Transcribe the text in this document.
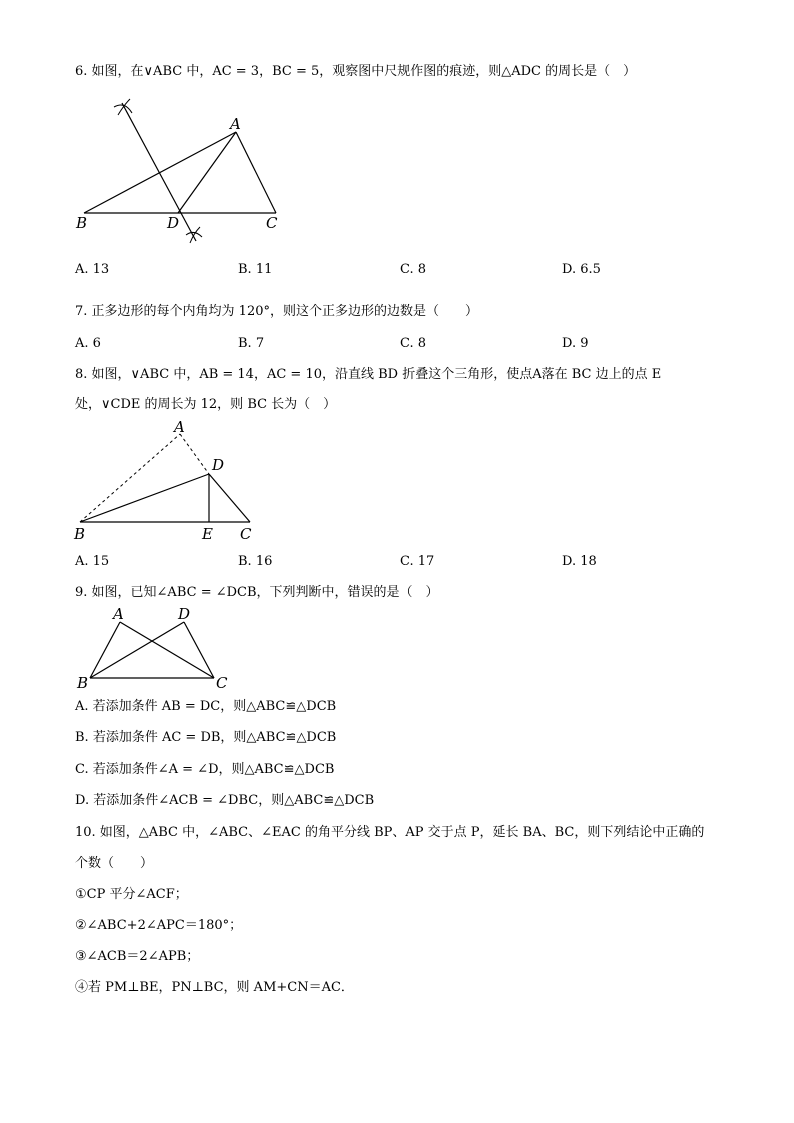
6. 如图，在∨ABC 中，AC = 3，BC = 5，观察图中尺规作图的痕迹，则△ADC 的周长是（　）
A
B	D	C
A. 13	B. 11	C. 8	D. 6.5
7. 正多边形的每个内角均为 120°，则这个正多边形的边数是（　　）
A. 6	B. 7	C. 8	D. 9
8. 如图，∨ABC 中，AB = 14，AC = 10，沿直线 BD 折叠这个三角形，使点A落在 BC 边上的点 E
处，∨CDE 的周长为 12，则 BC 长为（　）
A
D
B	E C
A. 15	B. 16	C. 17	D. 18
9. 如图，已知∠ABC = ∠DCB，下列判断中，错误的是（　）
A	D
B	C
A. 若添加条件 AB = DC，则△ABC≌△DCB
B. 若添加条件 AC = DB，则△ABC≌△DCB
C. 若添加条件∠A = ∠D，则△ABC≌△DCB
D. 若添加条件∠ACB = ∠DBC，则△ABC≌△DCB
10. 如图，△ABC 中，∠ABC、∠EAC 的角平分线 BP、AP 交于点 P，延长 BA、BC，则下列结论中正确的
个数（　　）
①CP 平分∠ACF；
②∠ABC+2∠APC＝180°；
③∠ACB＝2∠APB；
④若 PM⊥BE，PN⊥BC，则 AM+CN＝AC．
